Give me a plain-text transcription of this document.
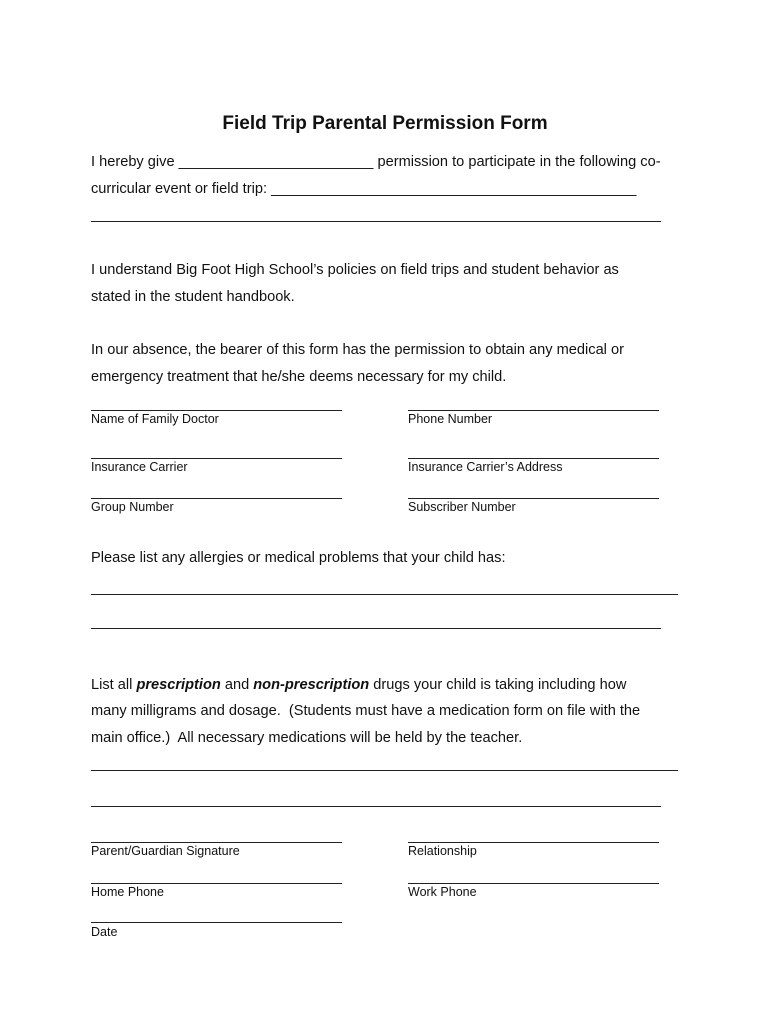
Field Trip Parental Permission Form
I hereby give ________________________ permission to participate in the following co-
curricular event or field trip: _____________________________________________
I understand Big Foot High School’s policies on field trips and student behavior as
stated in the student handbook.
In our absence, the bearer of this form has the permission to obtain any medical or
emergency treatment that he/she deems necessary for my child.
Name of Family Doctor	Phone Number
Insurance Carrier	Insurance Carrier’s Address
Group Number	Subscriber Number
Please list any allergies or medical problems that your child has:
List all prescription and non-prescription drugs your child is taking including how
many milligrams and dosage.  (Students must have a medication form on file with the
main office.)  All necessary medications will be held by the teacher.
Parent/Guardian Signature	Relationship
Home Phone	Work Phone
Date
